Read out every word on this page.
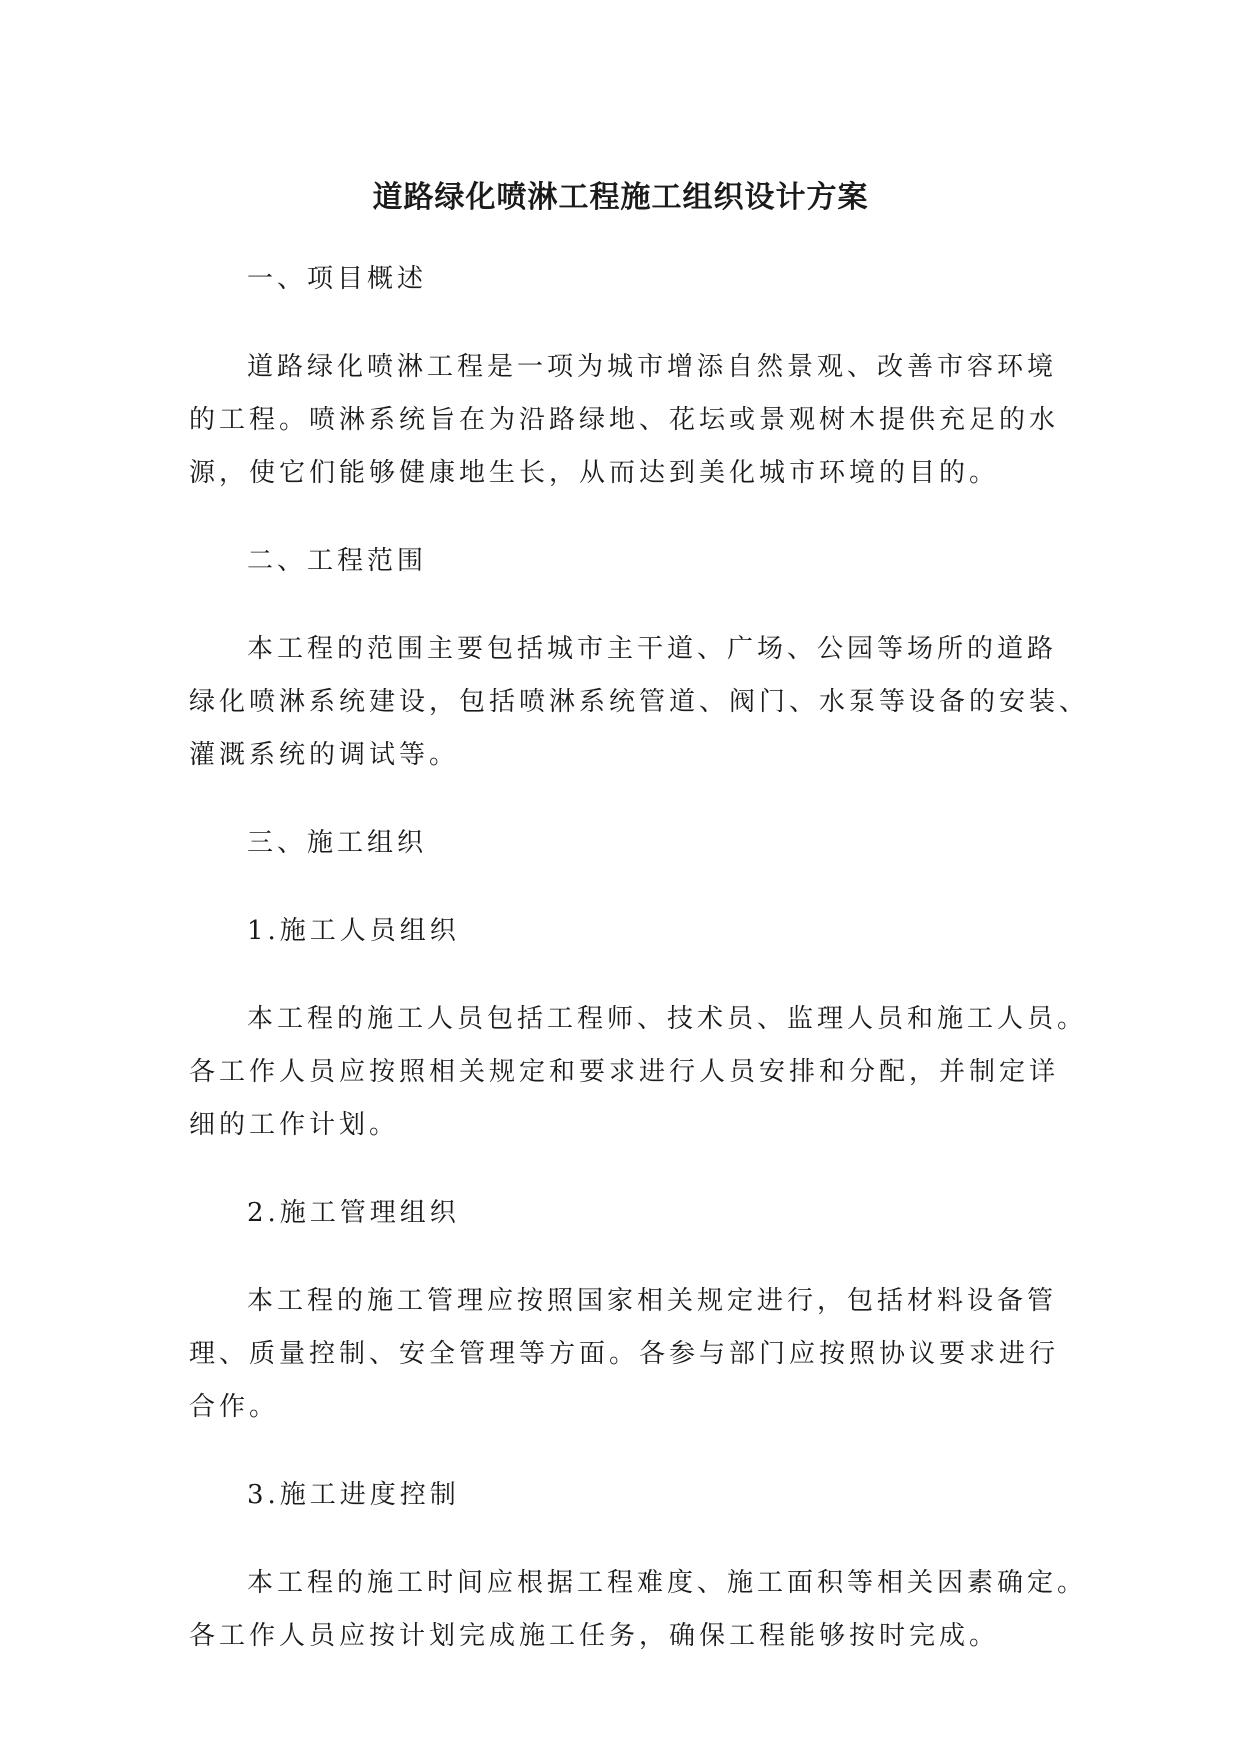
道路绿化喷淋工程施工组织设计方案
一、项目概述
道路绿化喷淋工程是一项为城市增添自然景观、改善市容环境
的工程。喷淋系统旨在为沿路绿地、花坛或景观树木提供充足的水
源，使它们能够健康地生长，从而达到美化城市环境的目的。
二、工程范围
本工程的范围主要包括城市主干道、广场、公园等场所的道路
绿化喷淋系统建设，包括喷淋系统管道、阀门、水泵等设备的安装、
灌溉系统的调试等。
三、施工组织
1.施工人员组织
本工程的施工人员包括工程师、技术员、监理人员和施工人员。
各工作人员应按照相关规定和要求进行人员安排和分配，并制定详
细的工作计划。
2.施工管理组织
本工程的施工管理应按照国家相关规定进行，包括材料设备管
理、质量控制、安全管理等方面。各参与部门应按照协议要求进行
合作。
3.施工进度控制
本工程的施工时间应根据工程难度、施工面积等相关因素确定。
各工作人员应按计划完成施工任务，确保工程能够按时完成。
